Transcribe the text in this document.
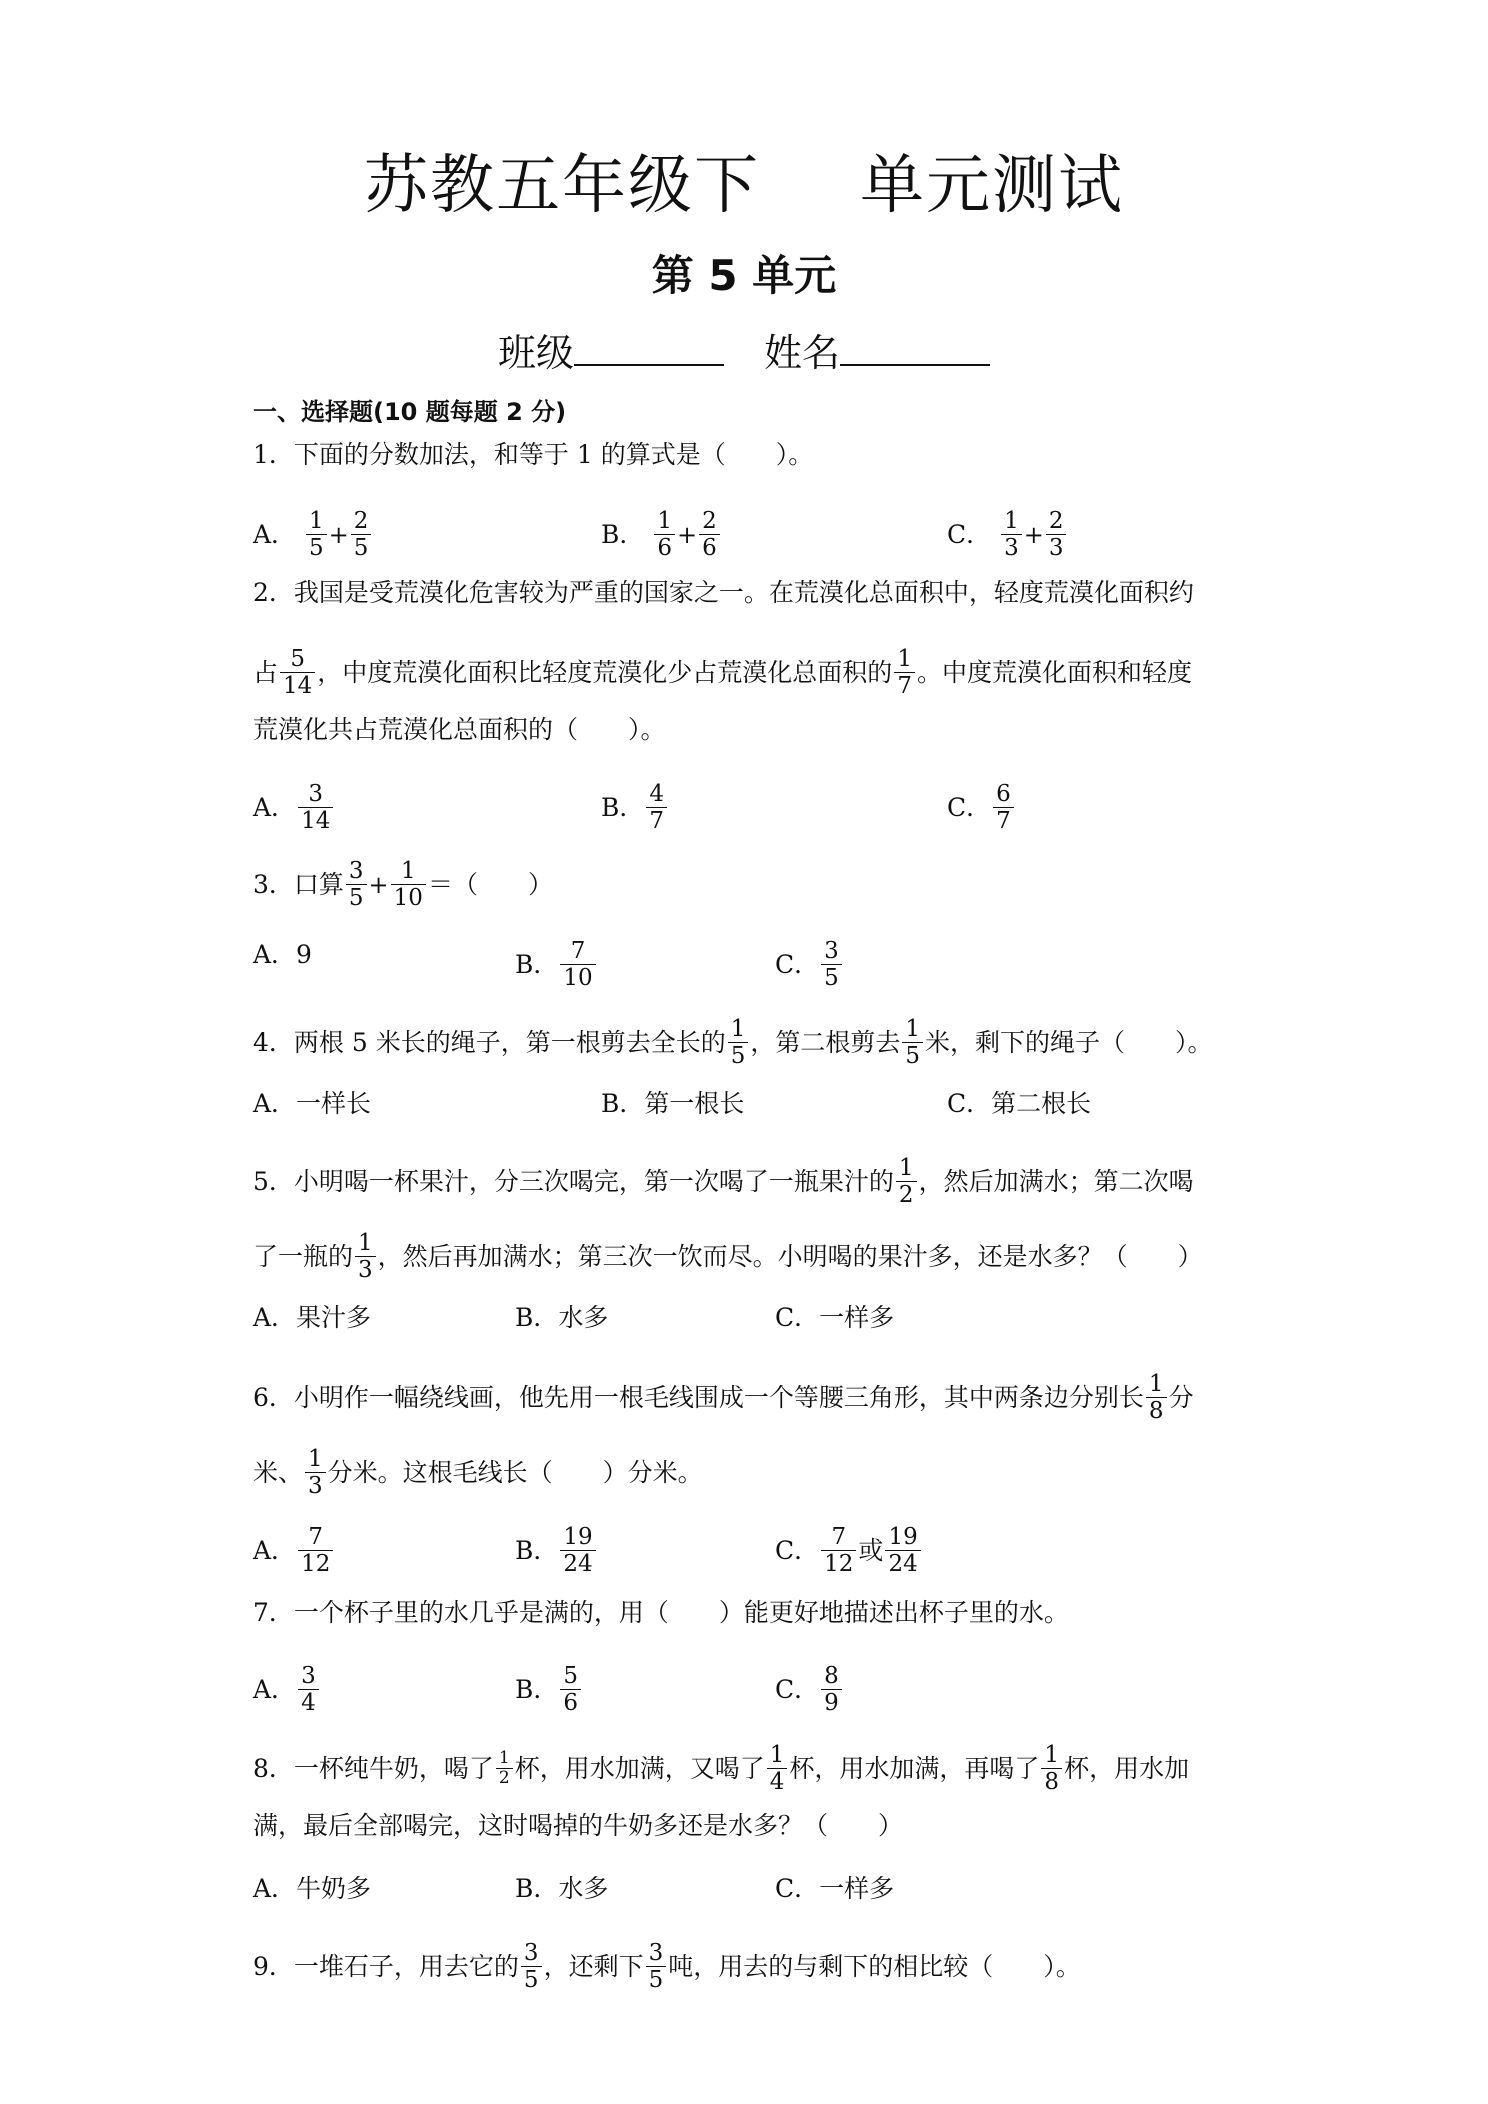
苏教五年级下 单元测试
第 5 单元
班级	姓名
一、选择题(10 题每题 2 分)
1．下面的分数加法，和等于 1 的算式是（　　）。
A． $\frac{1}{5} + \frac{2}{5}$	B． $\frac{1}{6} + \frac{2}{6}$	C． $\frac{1}{3} + \frac{2}{3}$
2．我国是受荒漠化危害较为严重的国家之一。在荒漠化总面积中，轻度荒漠化面积约
占 $\frac{5}{14}$ ，中度荒漠化面积比轻度荒漠化少占荒漠化总面积的 $\frac{1}{7}$ 。中度荒漠化面积和轻度
荒漠化共占荒漠化总面积的（　　）。
A． $\frac{3}{14}$	B． $\frac{4}{7}$	C． $\frac{6}{7}$
3．口算 $\frac{3}{5} + \frac{1}{10}$ ＝（　　）
A．9	B． $\frac{7}{10}$	C． $\frac{3}{5}$
4．两根 5 米长的绳子，第一根剪去全长的 $\frac{1}{5}$ ，第二根剪去 $\frac{1}{5}$ 米，剩下的绳子（　　）。
A．一样长	B．第一根长	C．第二根长
5．小明喝一杯果汁，分三次喝完，第一次喝了一瓶果汁的 $\frac{1}{2}$ ，然后加满水；第二次喝
了一瓶的 $\frac{1}{3}$ ，然后再加满水；第三次一饮而尽。小明喝的果汁多，还是水多？（　　）
A．果汁多	B．水多	C．一样多
6．小明作一幅绕线画，他先用一根毛线围成一个等腰三角形，其中两条边分别长 $\frac{1}{8}$ 分
米、 $\frac{1}{3}$ 分米。这根毛线长（　　）分米。
A． $\frac{7}{12}$	B． $\frac{19}{24}$	C． $\frac{7}{12}$ 或 $\frac{19}{24}$
7．一个杯子里的水几乎是满的，用（　　）能更好地描述出杯子里的水。
A． $\frac{3}{4}$	B． $\frac{5}{6}$	C． $\frac{8}{9}$
8．一杯纯牛奶，喝了 $\frac{1}{2}$ 杯，用水加满，又喝了 $\frac{1}{4}$ 杯，用水加满，再喝了 $\frac{1}{8}$ 杯，用水加
满，最后全部喝完，这时喝掉的牛奶多还是水多？（　　）
A．牛奶多	B．水多	C．一样多
9．一堆石子，用去它的 $\frac{3}{5}$ ，还剩下 $\frac{3}{5}$ 吨，用去的与剩下的相比较（　　）。
